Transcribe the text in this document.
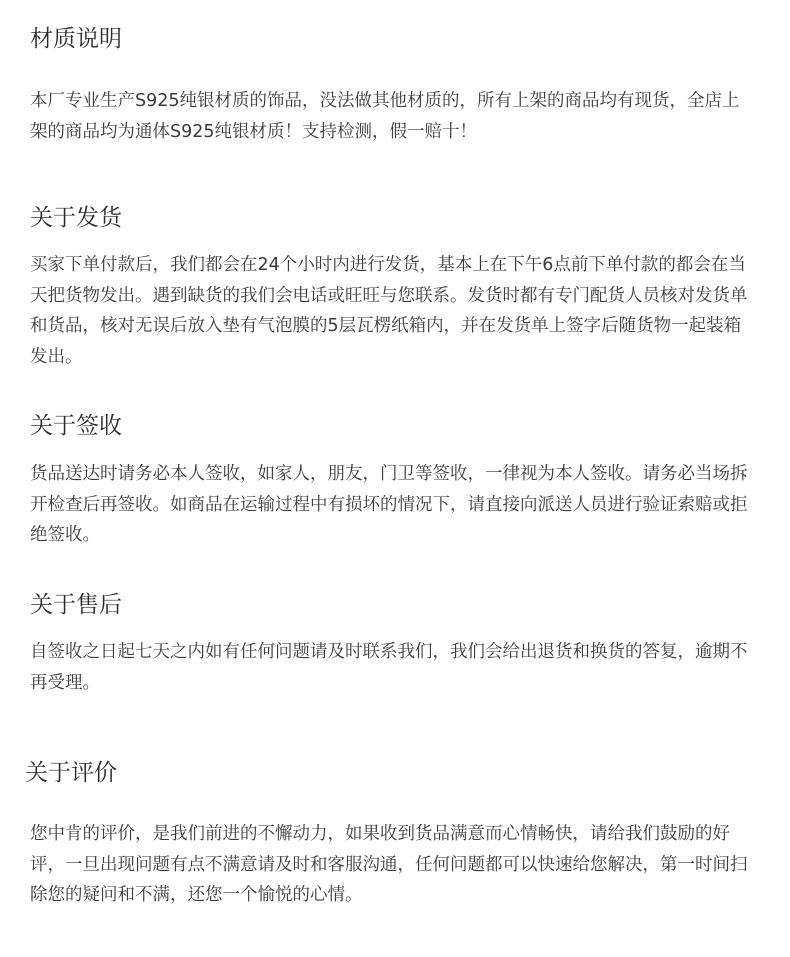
材质说明

本厂专业生产S925纯银材质的饰品，没法做其他材质的，所有上架的商品均有现货，全店上架的商品均为通体S925纯银材质！支持检测，假一赔十！

关于发货

买家下单付款后，我们都会在24个小时内进行发货，基本上在下午6点前下单付款的都会在当天把货物发出。遇到缺货的我们会电话或旺旺与您联系。发货时都有专门配货人员核对发货单和货品，核对无误后放入垫有气泡膜的5层瓦楞纸箱内，并在发货单上签字后随货物一起装箱发出。

关于签收

货品送达时请务必本人签收，如家人，朋友，门卫等签收，一律视为本人签收。请务必当场拆开检查后再签收。如商品在运输过程中有损坏的情况下，请直接向派送人员进行验证索赔或拒绝签收。

关于售后

自签收之日起七天之内如有任何问题请及时联系我们，我们会给出退货和换货的答复，逾期不再受理。

关于评价

您中肯的评价，是我们前进的不懈动力，如果收到货品满意而心情畅快，请给我们鼓励的好评，一旦出现问题有点不满意请及时和客服沟通，任何问题都可以快速给您解决，第一时间扫除您的疑问和不满，还您一个愉悦的心情。
